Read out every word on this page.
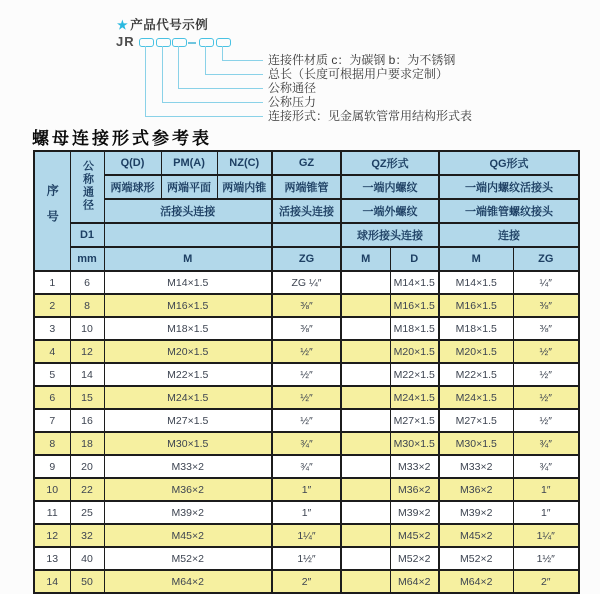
★ 产品代号示例
JR
连接件材质 c：为碳钢 b：为不锈钢
总长（长度可根据用户要求定制）
公称通径
公称压力
连接形式：见金属软管常用结构形式表
螺母连接形式参考表
序号	公称通径	Q(D)	PM(A)	NZ(C)	GZ	QZ形式		QG形式	
		两端球形	两端平面	两端内锥	两端锥管	一端内螺纹		一端内螺纹活接头	
		活接头连接			活接头连接	一端外螺纹		一端锥管螺纹接头	
	D1					球形接头连接		连接	
	mm	M			ZG	M	D	M	ZG
1	6	M14×1.5			ZG ¼″		M14×1.5	M14×1.5	¼″
2	8	M16×1.5			⅜″		M16×1.5	M16×1.5	⅜″
3	10	M18×1.5			⅜″		M18×1.5	M18×1.5	⅜″
4	12	M20×1.5			½″		M20×1.5	M20×1.5	½″
5	14	M22×1.5			½″		M22×1.5	M22×1.5	½″
6	15	M24×1.5			½″		M24×1.5	M24×1.5	½″
7	16	M27×1.5			½″		M27×1.5	M27×1.5	½″
8	18	M30×1.5			¾″		M30×1.5	M30×1.5	¾″
9	20	M33×2			¾″		M33×2	M33×2	¾″
10	22	M36×2			1″		M36×2	M36×2	1″
11	25	M39×2			1″		M39×2	M39×2	1″
12	32	M45×2			1¼″		M45×2	M45×2	1¼″
13	40	M52×2			1½″		M52×2	M52×2	1½″
14	50	M64×2			2″		M64×2	M64×2	2″
